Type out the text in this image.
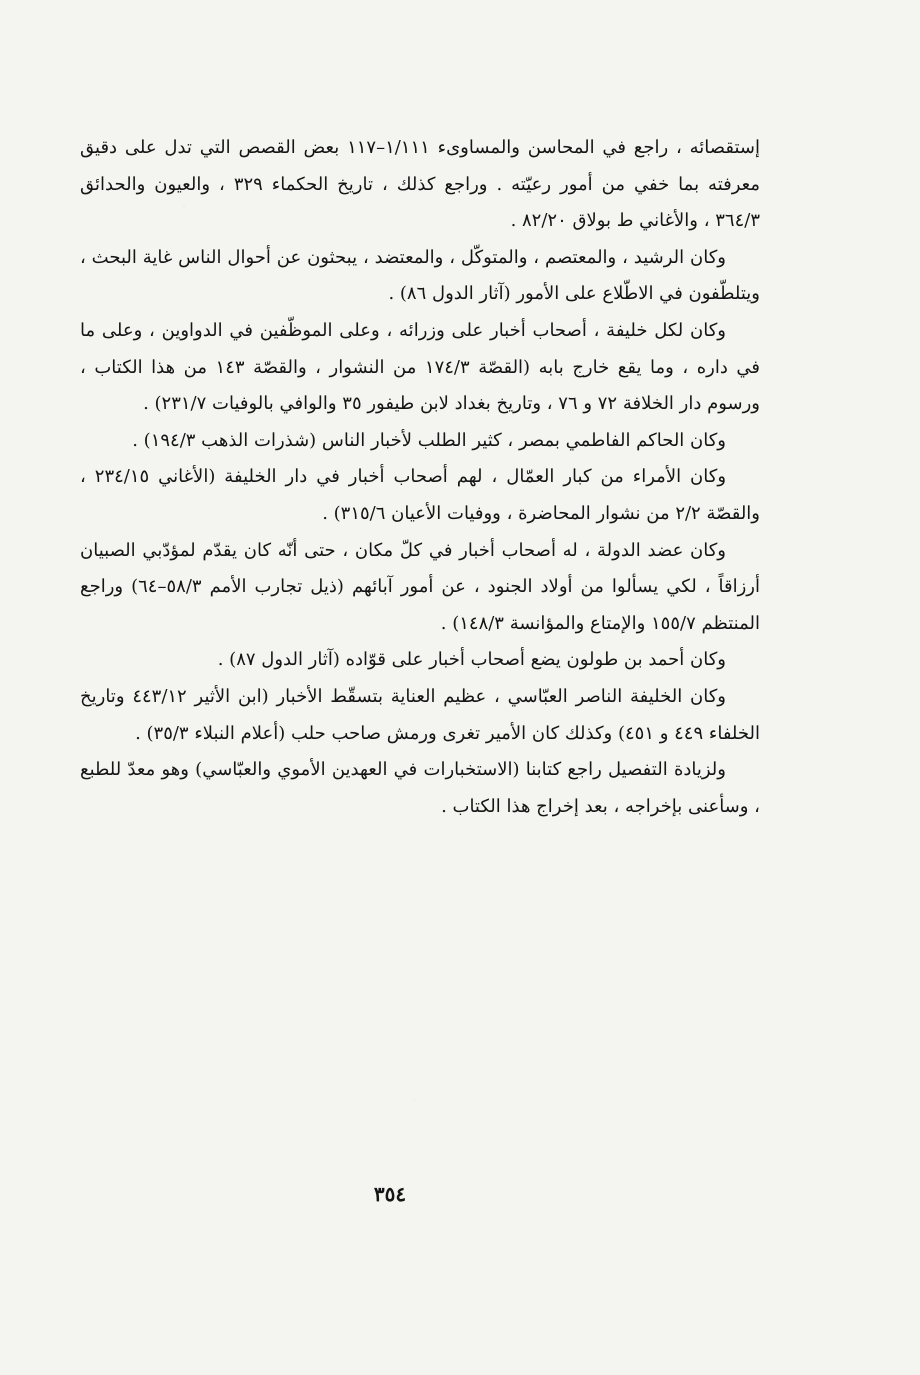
إستقصائه ، راجع في المحاسن والمساوىء ١/١١١–١١٧ بعض القصص التي تدل على دقيق معرفته بما خفي من أمور رعيّته . وراجع كذلك ، تاريخ الحكماء ٣٢٩ ، والعيون والحدائق ٣٦٤/٣ ، والأغاني ط بولاق ٨٢/٢٠ .

وكان الرشيد ، والمعتصم ، والمتوكّل ، والمعتضد ، يبحثون عن أحوال الناس غاية البحث ، ويتلطّفون في الاطّلاع على الأمور (آثار الدول ٨٦) .

وكان لكل خليفة ، أصحاب أخبار على وزرائه ، وعلى الموظّفين في الدواوين ، وعلى ما في داره ، وما يقع خارج بابه (القصّة ١٧٤/٣ من النشوار ، والقصّة ١٤٣ من هذا الكتاب ، ورسوم دار الخلافة ٧٢ و ٧٦ ، وتاريخ بغداد لابن طيفور ٣٥ والوافي بالوفيات ٢٣١/٧) .

وكان الحاكم الفاطمي بمصر ، كثير الطلب لأخبار الناس (شذرات الذهب ١٩٤/٣) .

وكان الأمراء من كبار العمّال ، لهم أصحاب أخبار في دار الخليفة (الأغاني ٢٣٤/١٥ ، والقصّة ٢/٢ من نشوار المحاضرة ، ووفيات الأعيان ٣١٥/٦) .

وكان عضد الدولة ، له أصحاب أخبار في كلّ مكان ، حتى أنّه كان يقدّم لمؤدّبي الصبيان أرزاقاً ، لكي يسألوا من أولاد الجنود ، عن أمور آبائهم (ذيل تجارب الأمم ٥٨/٣–٦٤) وراجع المنتظم ١٥٥/٧ والإمتاع والمؤانسة ١٤٨/٣) .

وكان أحمد بن طولون يضع أصحاب أخبار على قوّاده (آثار الدول ٨٧) .

وكان الخليفة الناصر العبّاسي ، عظيم العناية بتسقّط الأخبار (ابن الأثير ٤٤٣/١٢ وتاريخ الخلفاء ٤٤٩ و ٤٥١) وكذلك كان الأمير تغرى ورمش صاحب حلب (أعلام النبلاء ٣٥/٣) .

ولزيادة التفصيل راجع كتابنا (الاستخبارات في العهدين الأموي والعبّاسي) وهو معدّ للطبع ، وسأعنى بإخراجه ، بعد إخراج هذا الكتاب .

٣٥٤
